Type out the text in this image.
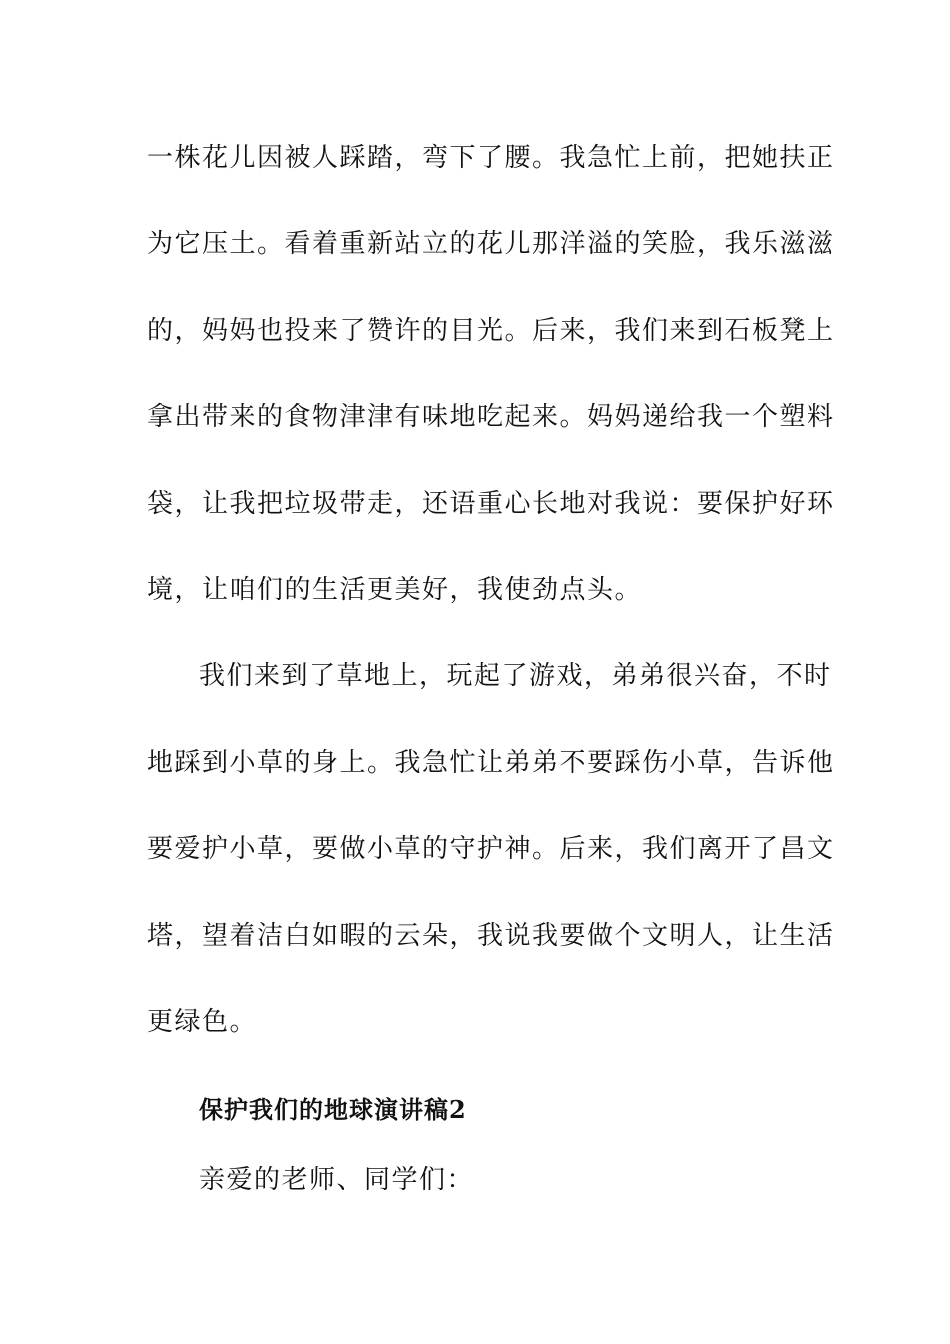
一株花儿因被人踩踏，弯下了腰。我急忙上前，把她扶正
为它压土。看着重新站立的花儿那洋溢的笑脸，我乐滋滋
的，妈妈也投来了赞许的目光。后来，我们来到石板凳上
拿出带来的食物津津有味地吃起来。妈妈递给我一个塑料
袋，让我把垃圾带走，还语重心长地对我说：要保护好环
境，让咱们的生活更美好，我使劲点头。
我们来到了草地上，玩起了游戏，弟弟很兴奋，不时
地踩到小草的身上。我急忙让弟弟不要踩伤小草，告诉他
要爱护小草，要做小草的守护神。后来，我们离开了昌文
塔，望着洁白如暇的云朵，我说我要做个文明人，让生活
更绿色。
保护我们的地球演讲稿2
亲爱的老师、同学们：
